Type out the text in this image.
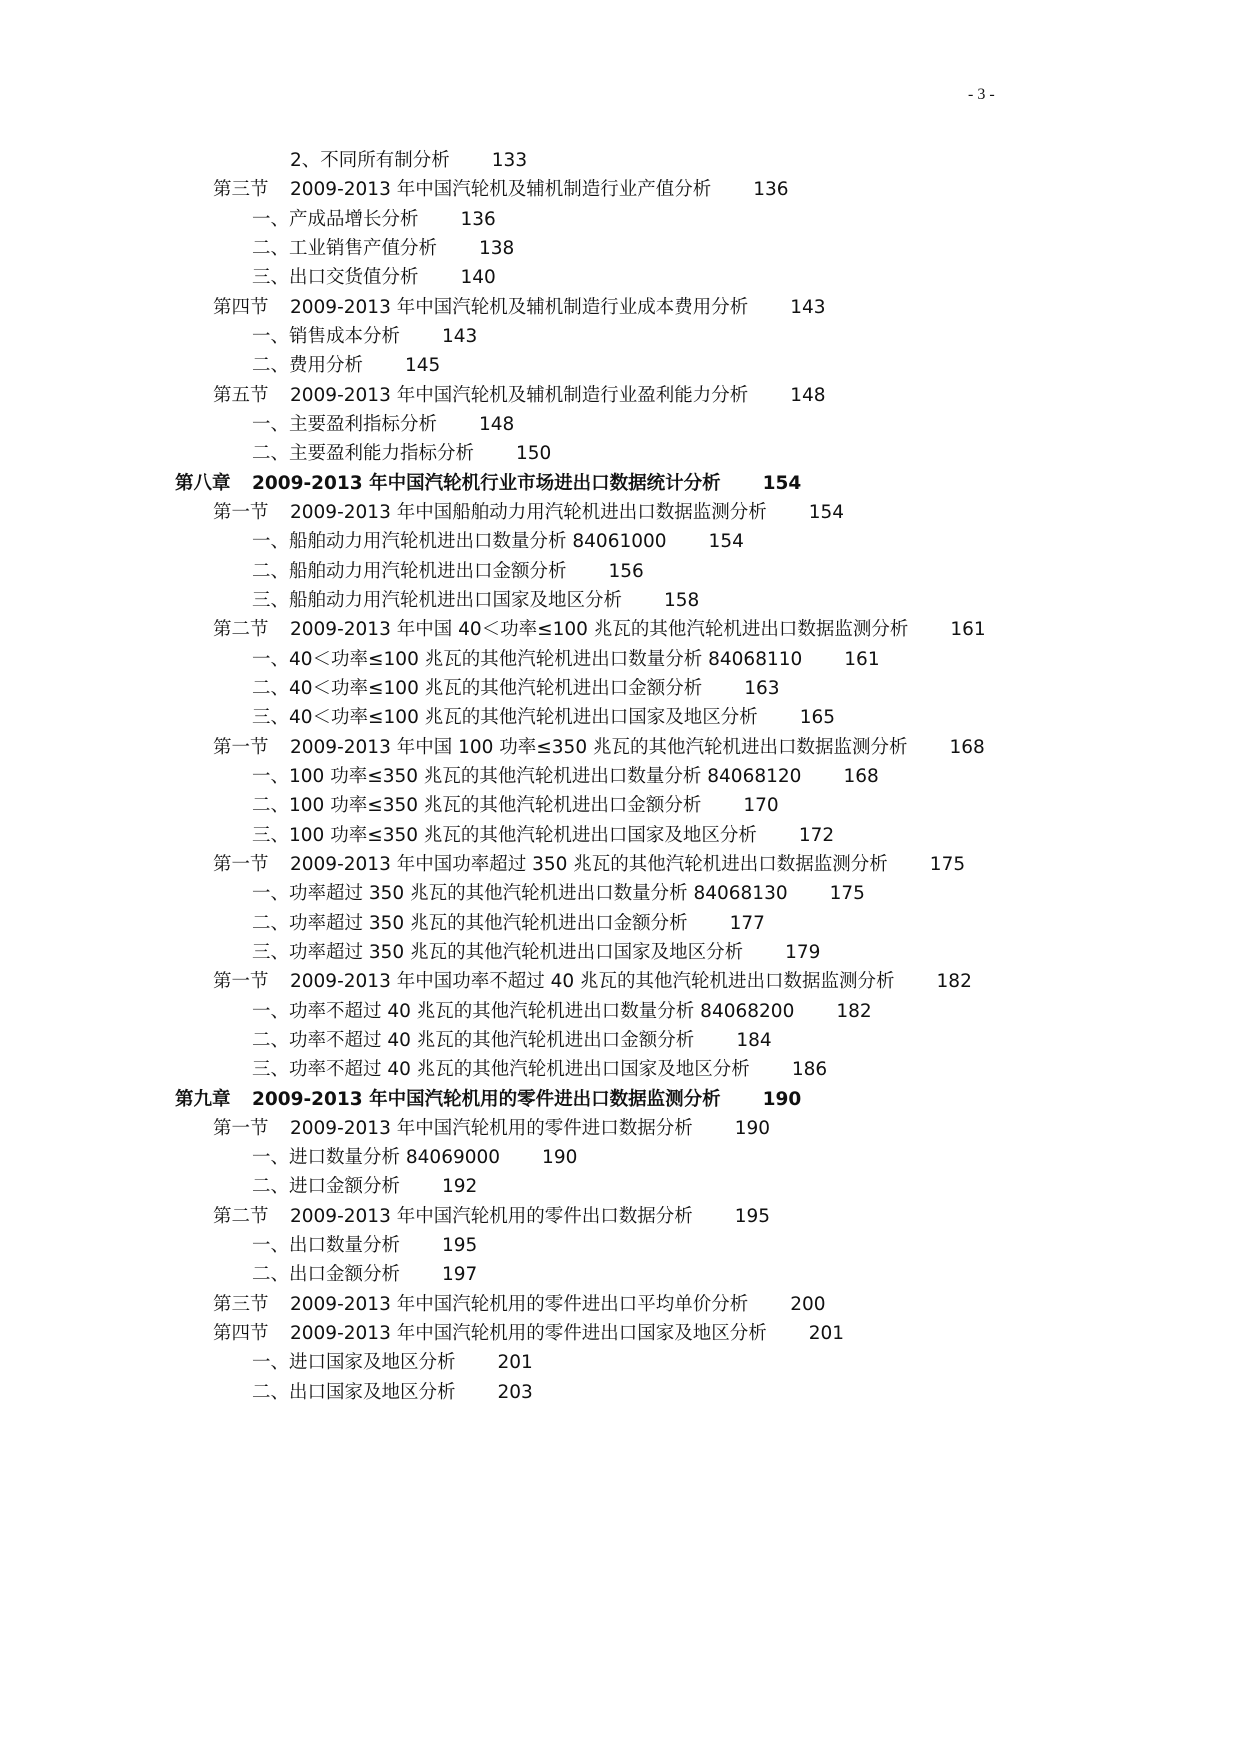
- 3 -
2、不同所有制分析 133
第三节 2009-2013 年中国汽轮机及辅机制造行业产值分析 136
一、产成品增长分析 136
二、工业销售产值分析 138
三、出口交货值分析 140
第四节 2009-2013 年中国汽轮机及辅机制造行业成本费用分析 143
一、销售成本分析 143
二、费用分析 145
第五节 2009-2013 年中国汽轮机及辅机制造行业盈利能力分析 148
一、主要盈利指标分析 148
二、主要盈利能力指标分析 150
第八章 2009-2013 年中国汽轮机行业市场进出口数据统计分析 154
第一节 2009-2013 年中国船舶动力用汽轮机进出口数据监测分析 154
一、船舶动力用汽轮机进出口数量分析 84061000 154
二、船舶动力用汽轮机进出口金额分析 156
三、船舶动力用汽轮机进出口国家及地区分析 158
第二节 2009-2013 年中国 40＜功率≤100 兆瓦的其他汽轮机进出口数据监测分析 161
一、40＜功率≤100 兆瓦的其他汽轮机进出口数量分析 84068110 161
二、40＜功率≤100 兆瓦的其他汽轮机进出口金额分析 163
三、40＜功率≤100 兆瓦的其他汽轮机进出口国家及地区分析 165
第一节 2009-2013 年中国 100 功率≤350 兆瓦的其他汽轮机进出口数据监测分析 168
一、100 功率≤350 兆瓦的其他汽轮机进出口数量分析 84068120 168
二、100 功率≤350 兆瓦的其他汽轮机进出口金额分析 170
三、100 功率≤350 兆瓦的其他汽轮机进出口国家及地区分析 172
第一节 2009-2013 年中国功率超过 350 兆瓦的其他汽轮机进出口数据监测分析 175
一、功率超过 350 兆瓦的其他汽轮机进出口数量分析 84068130 175
二、功率超过 350 兆瓦的其他汽轮机进出口金额分析 177
三、功率超过 350 兆瓦的其他汽轮机进出口国家及地区分析 179
第一节 2009-2013 年中国功率不超过 40 兆瓦的其他汽轮机进出口数据监测分析 182
一、功率不超过 40 兆瓦的其他汽轮机进出口数量分析 84068200 182
二、功率不超过 40 兆瓦的其他汽轮机进出口金额分析 184
三、功率不超过 40 兆瓦的其他汽轮机进出口国家及地区分析 186
第九章 2009-2013 年中国汽轮机用的零件进出口数据监测分析 190
第一节 2009-2013 年中国汽轮机用的零件进口数据分析 190
一、进口数量分析 84069000 190
二、进口金额分析 192
第二节 2009-2013 年中国汽轮机用的零件出口数据分析 195
一、出口数量分析 195
二、出口金额分析 197
第三节 2009-2013 年中国汽轮机用的零件进出口平均单价分析 200
第四节 2009-2013 年中国汽轮机用的零件进出口国家及地区分析 201
一、进口国家及地区分析 201
二、出口国家及地区分析 203
